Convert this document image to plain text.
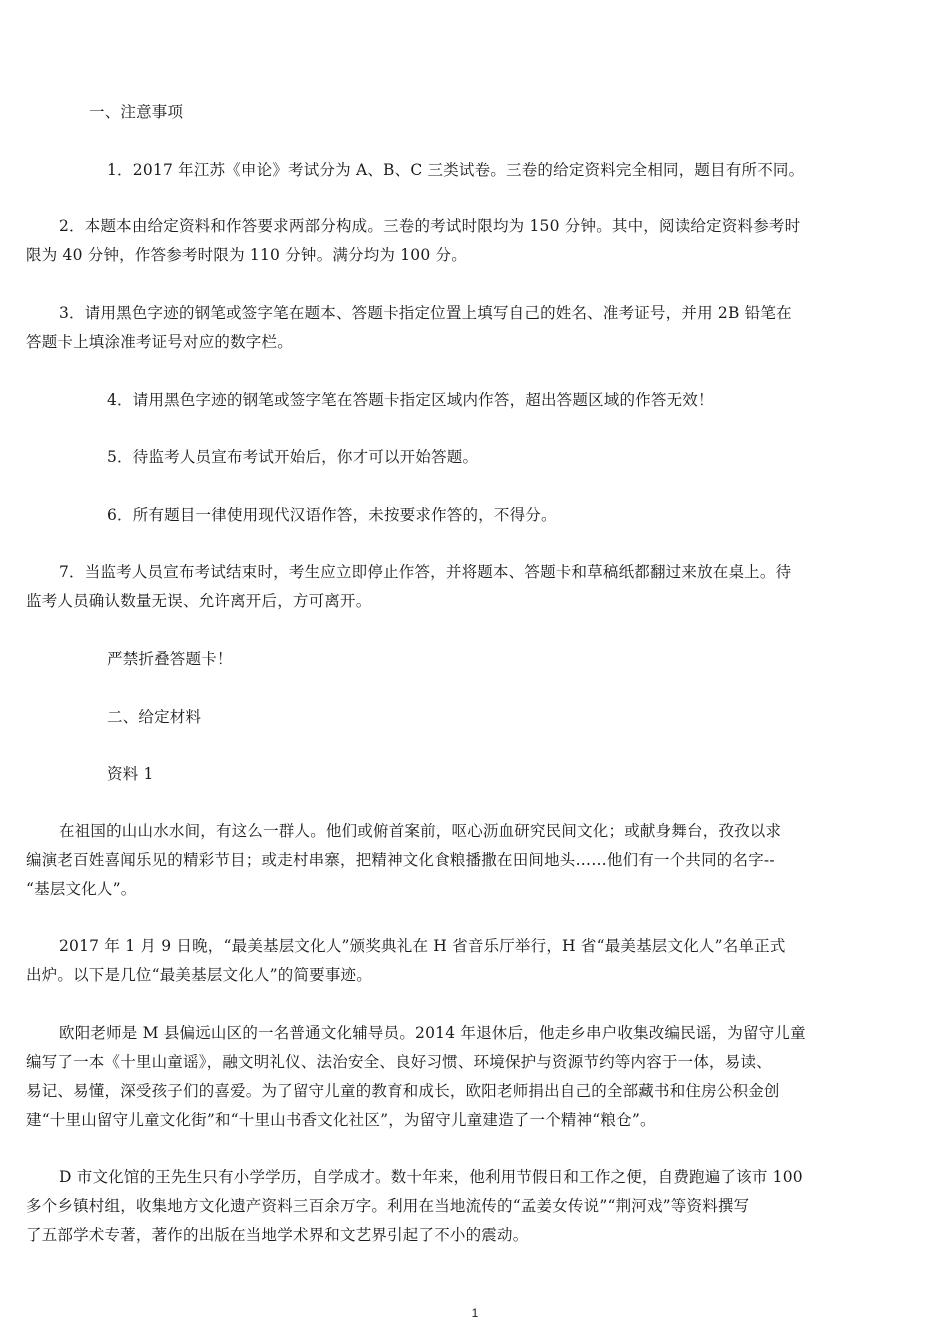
一、注意事项
1．2017 年江苏《申论》考试分为 A、B、C 三类试卷。三卷的给定资料完全相同，题目有所不同。
2．本题本由给定资料和作答要求两部分构成。三卷的考试时限均为 150 分钟。其中，阅读给定资料参考时
限为 40 分钟，作答参考时限为 110 分钟。满分均为 100 分。
3．请用黑色字迹的钢笔或签字笔在题本、答题卡指定位置上填写自己的姓名、准考证号，并用 2B 铅笔在
答题卡上填涂准考证号对应的数字栏。
4．请用黑色字迹的钢笔或签字笔在答题卡指定区域内作答，超出答题区域的作答无效！
5．待监考人员宣布考试开始后，你才可以开始答题。
6．所有题目一律使用现代汉语作答，未按要求作答的，不得分。
7．当监考人员宣布考试结束时，考生应立即停止作答，并将题本、答题卡和草稿纸都翻过来放在桌上。待
监考人员确认数量无误、允许离开后，方可离开。
严禁折叠答题卡！
二、给定材料
资料 1
在祖国的山山水水间，有这么一群人。他们或俯首案前，呕心沥血研究民间文化；或献身舞台，孜孜以求
编演老百姓喜闻乐见的精彩节目；或走村串寨，把精神文化食粮播撒在田间地头……他们有一个共同的名字--
“基层文化人”。
2017 年 1 月 9 日晚，“最美基层文化人”颁奖典礼在 H 省音乐厅举行，H 省“最美基层文化人”名单正式
出炉。以下是几位“最美基层文化人”的简要事迹。
欧阳老师是 M 县偏远山区的一名普通文化辅导员。2014 年退休后，他走乡串户收集改编民谣，为留守儿童
编写了一本《十里山童谣》，融文明礼仪、法治安全、良好习惯、环境保护与资源节约等内容于一体，易读、
易记、易懂，深受孩子们的喜爱。为了留守儿童的教育和成长，欧阳老师捐出自己的全部藏书和住房公积金创
建“十里山留守儿童文化街”和“十里山书香文化社区”，为留守儿童建造了一个精神“粮仓”。
D 市文化馆的王先生只有小学学历，自学成才。数十年来，他利用节假日和工作之便，自费跑遍了该市 100
多个乡镇村组，收集地方文化遗产资料三百余万字。利用在当地流传的“孟姜女传说”“荆河戏”等资料撰写
了五部学术专著，著作的出版在当地学术界和文艺界引起了不小的震动。
1
